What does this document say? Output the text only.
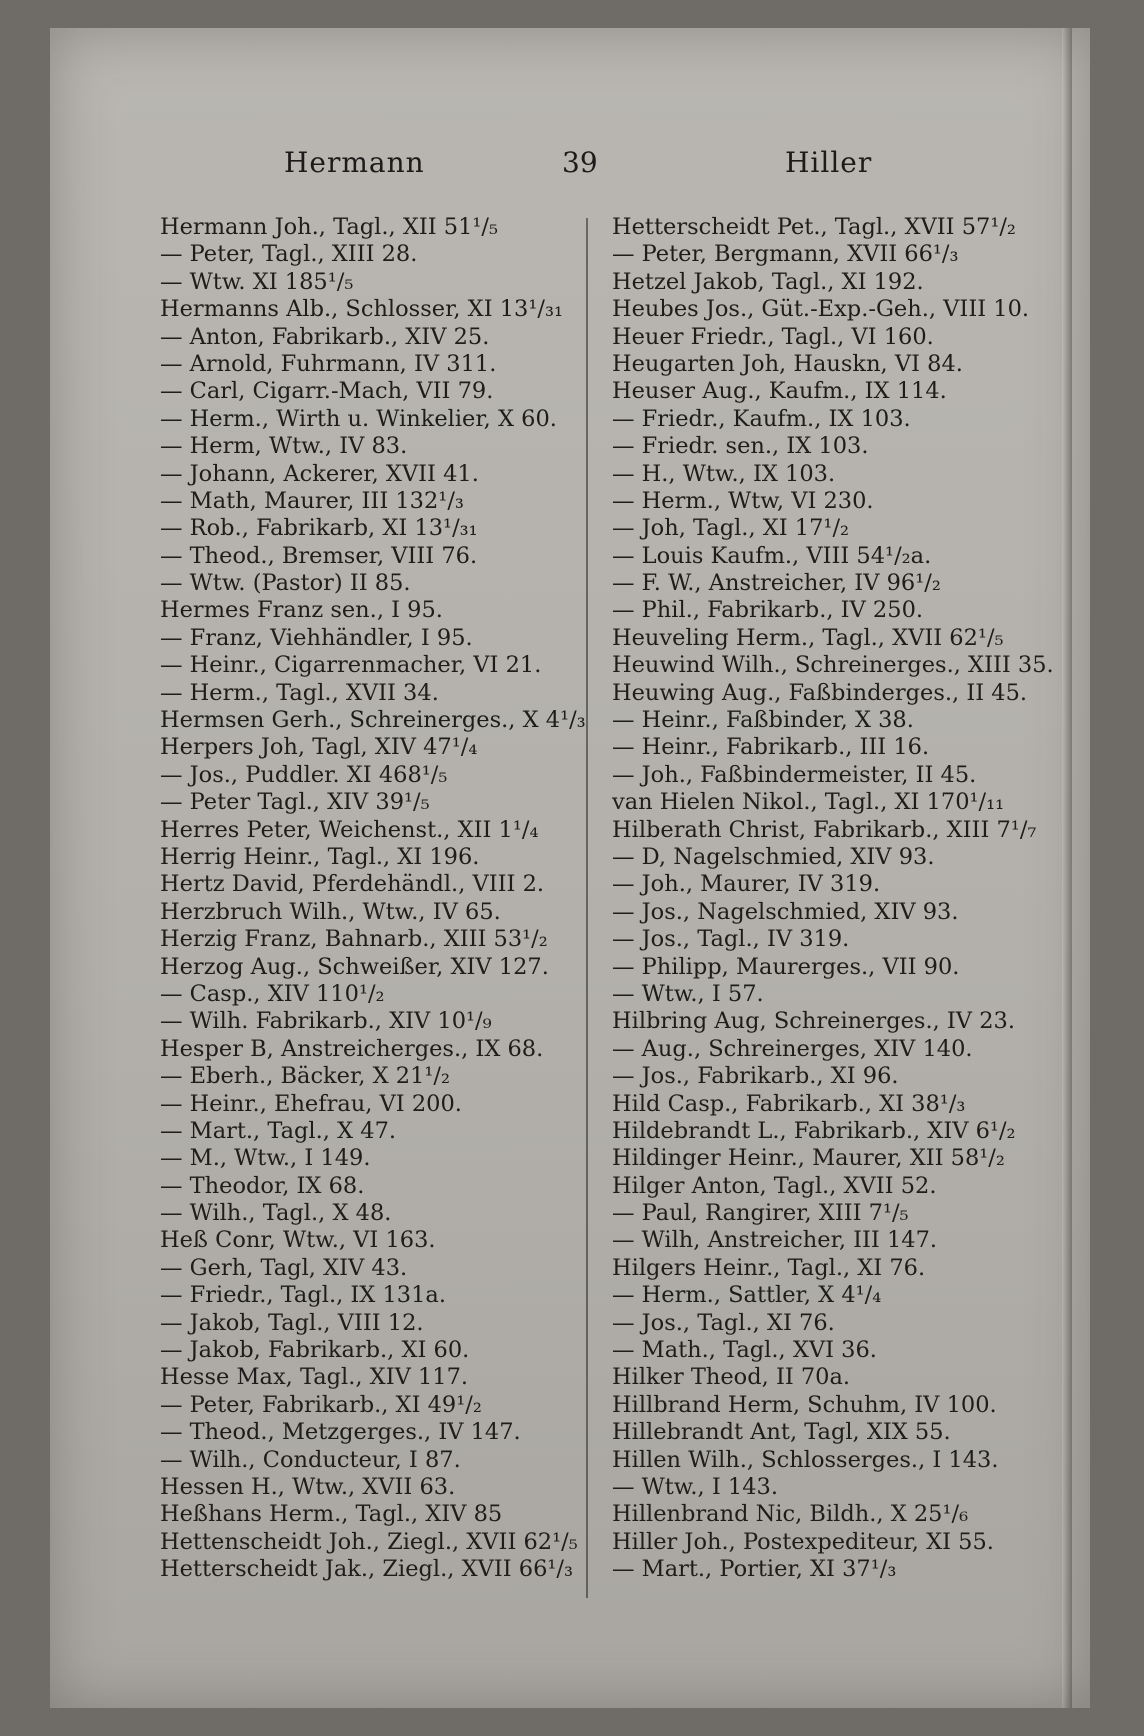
Hermann	39	Hiller
Hermann Joh., Tagl., XII 51¹/₅
— Peter, Tagl., XIII 28.
— Wtw. XI 185¹/₅
Hermanns Alb., Schlosser, XI 13¹/₃₁
— Anton, Fabrikarb., XIV 25.
— Arnold, Fuhrmann, IV 311.
— Carl, Cigarr.-Mach, VII 79.
— Herm., Wirth u. Winkelier, X 60.
— Herm, Wtw., IV 83.
— Johann, Ackerer, XVII 41.
— Math, Maurer, III 132¹/₃
— Rob., Fabrikarb, XI 13¹/₃₁
— Theod., Bremser, VIII 76.
— Wtw. (Pastor) II 85.
Hermes Franz sen., I 95.
— Franz, Viehhändler, I 95.
— Heinr., Cigarrenmacher, VI 21.
— Herm., Tagl., XVII 34.
Hermsen Gerh., Schreinerges., X 4¹/₃
Herpers Joh, Tagl, XIV 47¹/₄
— Jos., Puddler. XI 468¹/₅
— Peter Tagl., XIV 39¹/₅
Herres Peter, Weichenst., XII 1¹/₄
Herrig Heinr., Tagl., XI 196.
Hertz David, Pferdehändl., VIII 2.
Herzbruch Wilh., Wtw., IV 65.
Herzig Franz, Bahnarb., XIII 53¹/₂
Herzog Aug., Schweißer, XIV 127.
— Casp., XIV 110¹/₂
— Wilh. Fabrikarb., XIV 10¹/₉
Hesper B, Anstreicherges., IX 68.
— Eberh., Bäcker, X 21¹/₂
— Heinr., Ehefrau, VI 200.
— Mart., Tagl., X 47.
— M., Wtw., I 149.
— Theodor, IX 68.
— Wilh., Tagl., X 48.
Heß Conr, Wtw., VI 163.
— Gerh, Tagl, XIV 43.
— Friedr., Tagl., IX 131a.
— Jakob, Tagl., VIII 12.
— Jakob, Fabrikarb., XI 60.
Hesse Max, Tagl., XIV 117.
— Peter, Fabrikarb., XI 49¹/₂
— Theod., Metzgerges., IV 147.
— Wilh., Conducteur, I 87.
Hessen H., Wtw., XVII 63.
Heßhans Herm., Tagl., XIV 85
Hettenscheidt Joh., Ziegl., XVII 62¹/₅
Hetterscheidt Jak., Ziegl., XVII 66¹/₃
Hetterscheidt Pet., Tagl., XVII 57¹/₂
— Peter, Bergmann, XVII 66¹/₃
Hetzel Jakob, Tagl., XI 192.
Heubes Jos., Güt.-Exp.-Geh., VIII 10.
Heuer Friedr., Tagl., VI 160.
Heugarten Joh, Hauskn, VI 84.
Heuser Aug., Kaufm., IX 114.
— Friedr., Kaufm., IX 103.
— Friedr. sen., IX 103.
— H., Wtw., IX 103.
— Herm., Wtw, VI 230.
— Joh, Tagl., XI 17¹/₂
— Louis Kaufm., VIII 54¹/₂a.
— F. W., Anstreicher, IV 96¹/₂
— Phil., Fabrikarb., IV 250.
Heuveling Herm., Tagl., XVII 62¹/₅
Heuwind Wilh., Schreinerges., XIII 35.
Heuwing Aug., Faßbinderges., II 45.
— Heinr., Faßbinder, X 38.
— Heinr., Fabrikarb., III 16.
— Joh., Faßbindermeister, II 45.
van Hielen Nikol., Tagl., XI 170¹/₁₁
Hilberath Christ, Fabrikarb., XIII 7¹/₇
— D, Nagelschmied, XIV 93.
— Joh., Maurer, IV 319.
— Jos., Nagelschmied, XIV 93.
— Jos., Tagl., IV 319.
— Philipp, Maurerges., VII 90.
— Wtw., I 57.
Hilbring Aug, Schreinerges., IV 23.
— Aug., Schreinerges, XIV 140.
— Jos., Fabrikarb., XI 96.
Hild Casp., Fabrikarb., XI 38¹/₃
Hildebrandt L., Fabrikarb., XIV 6¹/₂
Hildinger Heinr., Maurer, XII 58¹/₂
Hilger Anton, Tagl., XVII 52.
— Paul, Rangirer, XIII 7¹/₅
— Wilh, Anstreicher, III 147.
Hilgers Heinr., Tagl., XI 76.
— Herm., Sattler, X 4¹/₄
— Jos., Tagl., XI 76.
— Math., Tagl., XVI 36.
Hilker Theod, II 70a.
Hillbrand Herm, Schuhm, IV 100.
Hillebrandt Ant, Tagl, XIX 55.
Hillen Wilh., Schlosserges., I 143.
— Wtw., I 143.
Hillenbrand Nic, Bildh., X 25¹/₆
Hiller Joh., Postexpediteur, XI 55.
— Mart., Portier, XI 37¹/₃
